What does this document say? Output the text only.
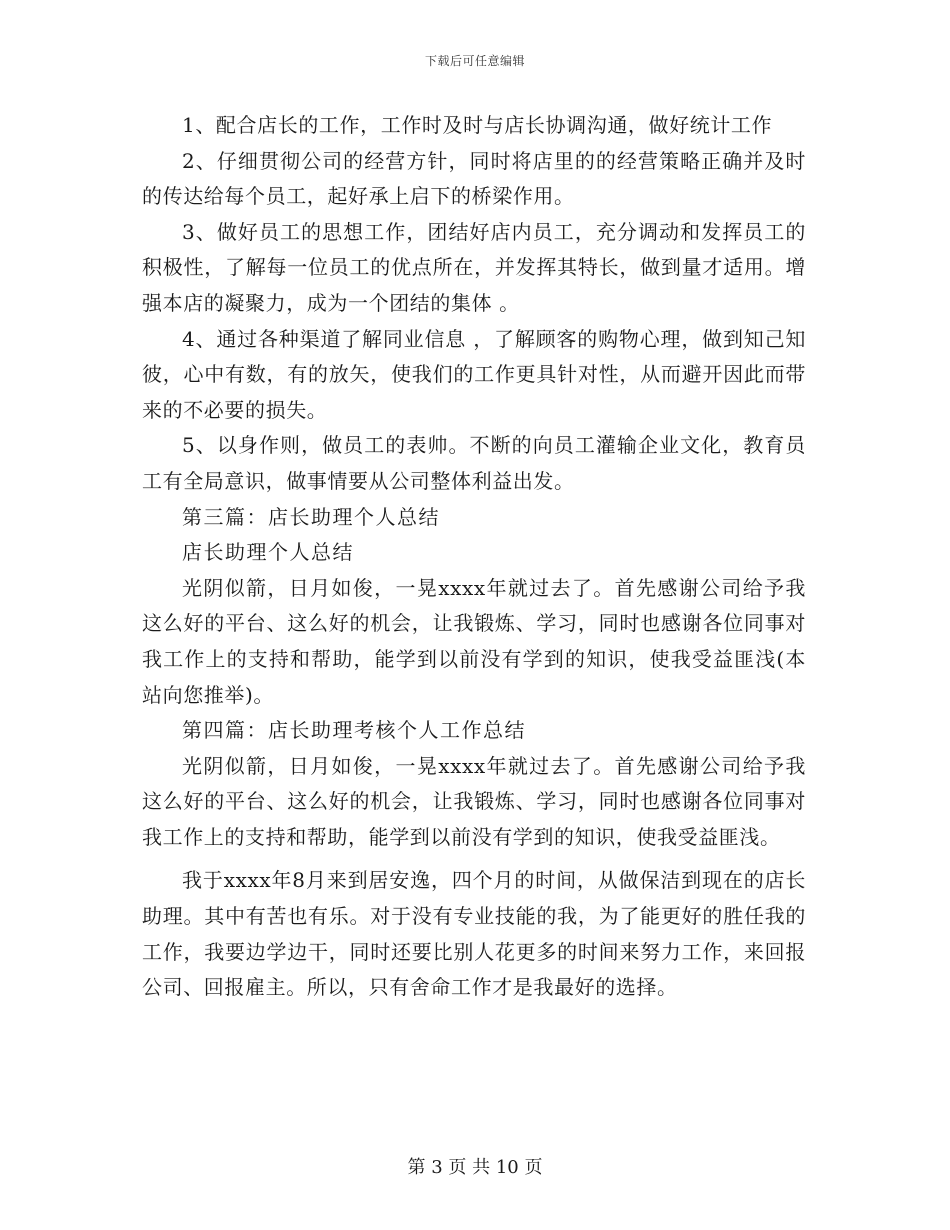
下载后可任意编辑

1、配合店长的工作，工作时及时与店长协调沟通，做好统计工作

2、仔细贯彻公司的经营方针，同时将店里的的经营策略正确并及时的传达给每个员工，起好承上启下的桥梁作用。

3、做好员工的思想工作，团结好店内员工，充分调动和发挥员工的积极性，了解每一位员工的优点所在，并发挥其特长，做到量才适用。增强本店的凝聚力，成为一个团结的集体 。

4、通过各种渠道了解同业信息 ，了解顾客的购物心理，做到知己知彼，心中有数，有的放矢，使我们的工作更具针对性，从而避开因此而带来的不必要的损失。

5、以身作则，做员工的表帅。不断的向员工灌输企业文化，教育员工有全局意识，做事情要从公司整体利益出发。

第三篇：店长助理个人总结

店长助理个人总结

光阴似箭，日月如俊，一晃xxxx年就过去了。首先感谢公司给予我这么好的平台、这么好的机会，让我锻炼、学习，同时也感谢各位同事对我工作上的支持和帮助，能学到以前没有学到的知识，使我受益匪浅(本站向您推举)。

第四篇：店长助理考核个人工作总结

光阴似箭，日月如俊，一晃xxxx年就过去了。首先感谢公司给予我这么好的平台、这么好的机会，让我锻炼、学习，同时也感谢各位同事对我工作上的支持和帮助，能学到以前没有学到的知识，使我受益匪浅。

我于xxxx年8月来到居安逸，四个月的时间，从做保洁到现在的店长助理。其中有苦也有乐。对于没有专业技能的我，为了能更好的胜任我的工作，我要边学边干，同时还要比别人花更多的时间来努力工作，来回报公司、回报雇主。所以，只有舍命工作才是我最好的选择。

第 3 页 共 10 页
